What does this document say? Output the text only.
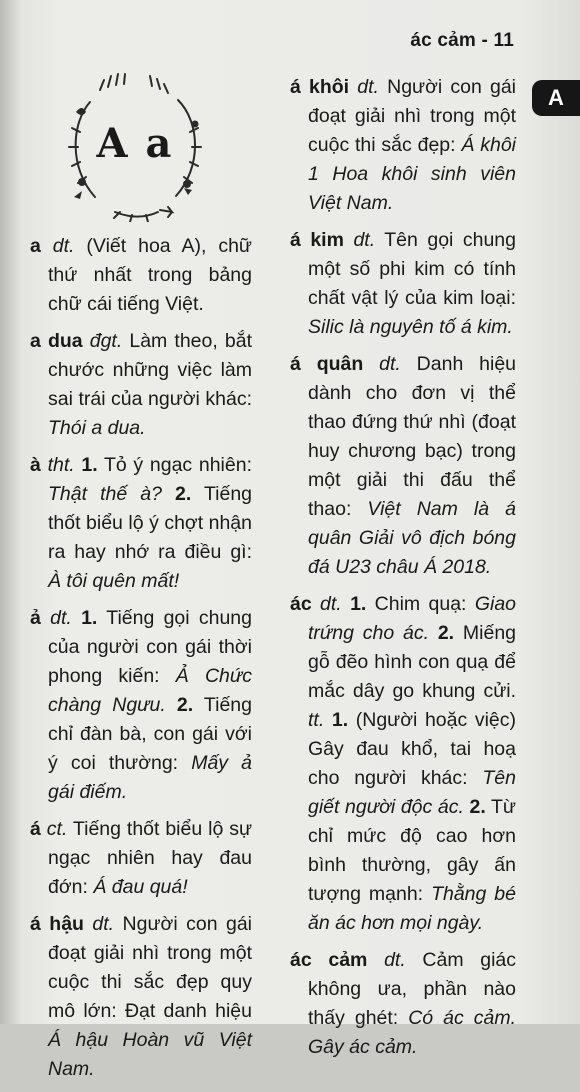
ác cảm - 11
A
A a

a dt. (Viết hoa A), chữ thứ nhất trong bảng chữ cái tiếng Việt.

a dua đgt. Làm theo, bắt chước những việc làm sai trái của người khác: Thói a dua.

à tht. 1. Tỏ ý ngạc nhiên: Thật thế à? 2. Tiếng thốt biểu lộ ý chợt nhận ra hay nhớ ra điều gì: À tôi quên mất!

ả dt. 1. Tiếng gọi chung của người con gái thời phong kiến: Ả Chức chàng Ngưu. 2. Tiếng chỉ đàn bà, con gái với ý coi thường: Mấy ả gái điếm.

á ct. Tiếng thốt biểu lộ sự ngạc nhiên hay đau đớn: Á đau quá!

á hậu dt. Người con gái đoạt giải nhì trong một cuộc thi sắc đẹp quy mô lớn: Đạt danh hiệu Á hậu Hoàn vũ Việt Nam.

á khôi dt. Người con gái đoạt giải nhì trong một cuộc thi sắc đẹp: Á khôi 1 Hoa khôi sinh viên Việt Nam.

á kim dt. Tên gọi chung một số phi kim có tính chất vật lý của kim loại: Silic là nguyên tố á kim.

á quân dt. Danh hiệu dành cho đơn vị thể thao đứng thứ nhì (đoạt huy chương bạc) trong một giải thi đấu thể thao: Việt Nam là á quân Giải vô địch bóng đá U23 châu Á 2018.

ác dt. 1. Chim quạ: Giao trứng cho ác. 2. Miếng gỗ đẽo hình con quạ để mắc dây go khung cửi. tt. 1. (Người hoặc việc) Gây đau khổ, tai hoạ cho người khác: Tên giết người độc ác. 2. Từ chỉ mức độ cao hơn bình thường, gây ấn tượng mạnh: Thằng bé ăn ác hơn mọi ngày.

ác cảm dt. Cảm giác không ưa, phần nào thấy ghét: Có ác cảm. Gây ác cảm.
